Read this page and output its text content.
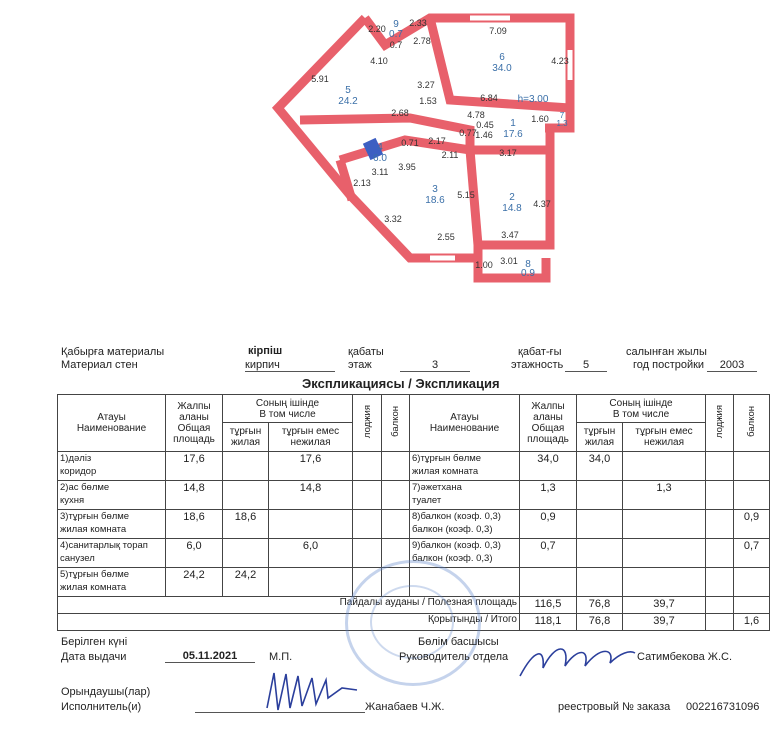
5
24.2
6
34.0
1
17.6
4
6.0
3
18.6	2
14.8
7
1.3
8
0.9
9
0.7
h=3.00
2.20
0.7
2.33
2.78
7.09
4.10
5.91
4.23
3.27
6.84
1.53
2.68	4.78
0.45
1.60
0.71 2.17
0.77
1.46
3.17
2.11
2.13
3.11 3.95
5.15
4.37
3.32
2.55	3.47
1.00 3.01
Қабырға материалы
Материал стен
кірпіш
кирпич
қабаты
этаж	3
қабат-ғы
этажность	5
салынған жылы
год постройки	2003
Экспликациясы / Экспликация
Атауы
Наименование	Жалпы
аланы
Общая
площадь	Соның ішінде
В том числе		лоджия	балкон	Атауы
Наименование	Жалпы
аланы
Общая
площадь	Соның ішінде
В том числе		лоджия	балкон
		тұрғын
жилая	тұрғын емес
нежилая					тұрғын
жилая	тұрғын емес
нежилая		
1)дәліз
коридор	17,6		17,6			6)тұрғын бөлме
жилая комната	34,0	34,0			
2)ас бөлме
кухня	14,8		14,8			7)әжетхана
туалет	1,3		1,3		
3)тұрғын бөлме
жилая комната	18,6	18,6				8)балкон (коэф. 0,3)
балкон (коэф. 0,3)	0,9				0,9
4)санитарлық торап
санузел	6,0		6,0			9)балкон (коэф. 0,3)
балкон (коэф. 0,3)	0,7				0,7
5)тұрғын бөлме
жилая комната	24,2	24,2									
Пайдалы ауданы / Полезная площадь							116,5	76,8	39,7		
Қорытынды / Итого							118,1	76,8	39,7		1,6
Берілген күні
Дата выдачи	05.11.2021	М.П.
Бөлім басшысы
Руководитель отдела	Сатимбекова Ж.С.
Орындаушы(лар)
Исполнитель(и)	Жанабаев Ч.Ж.	реестровый № заказа 002216731096
